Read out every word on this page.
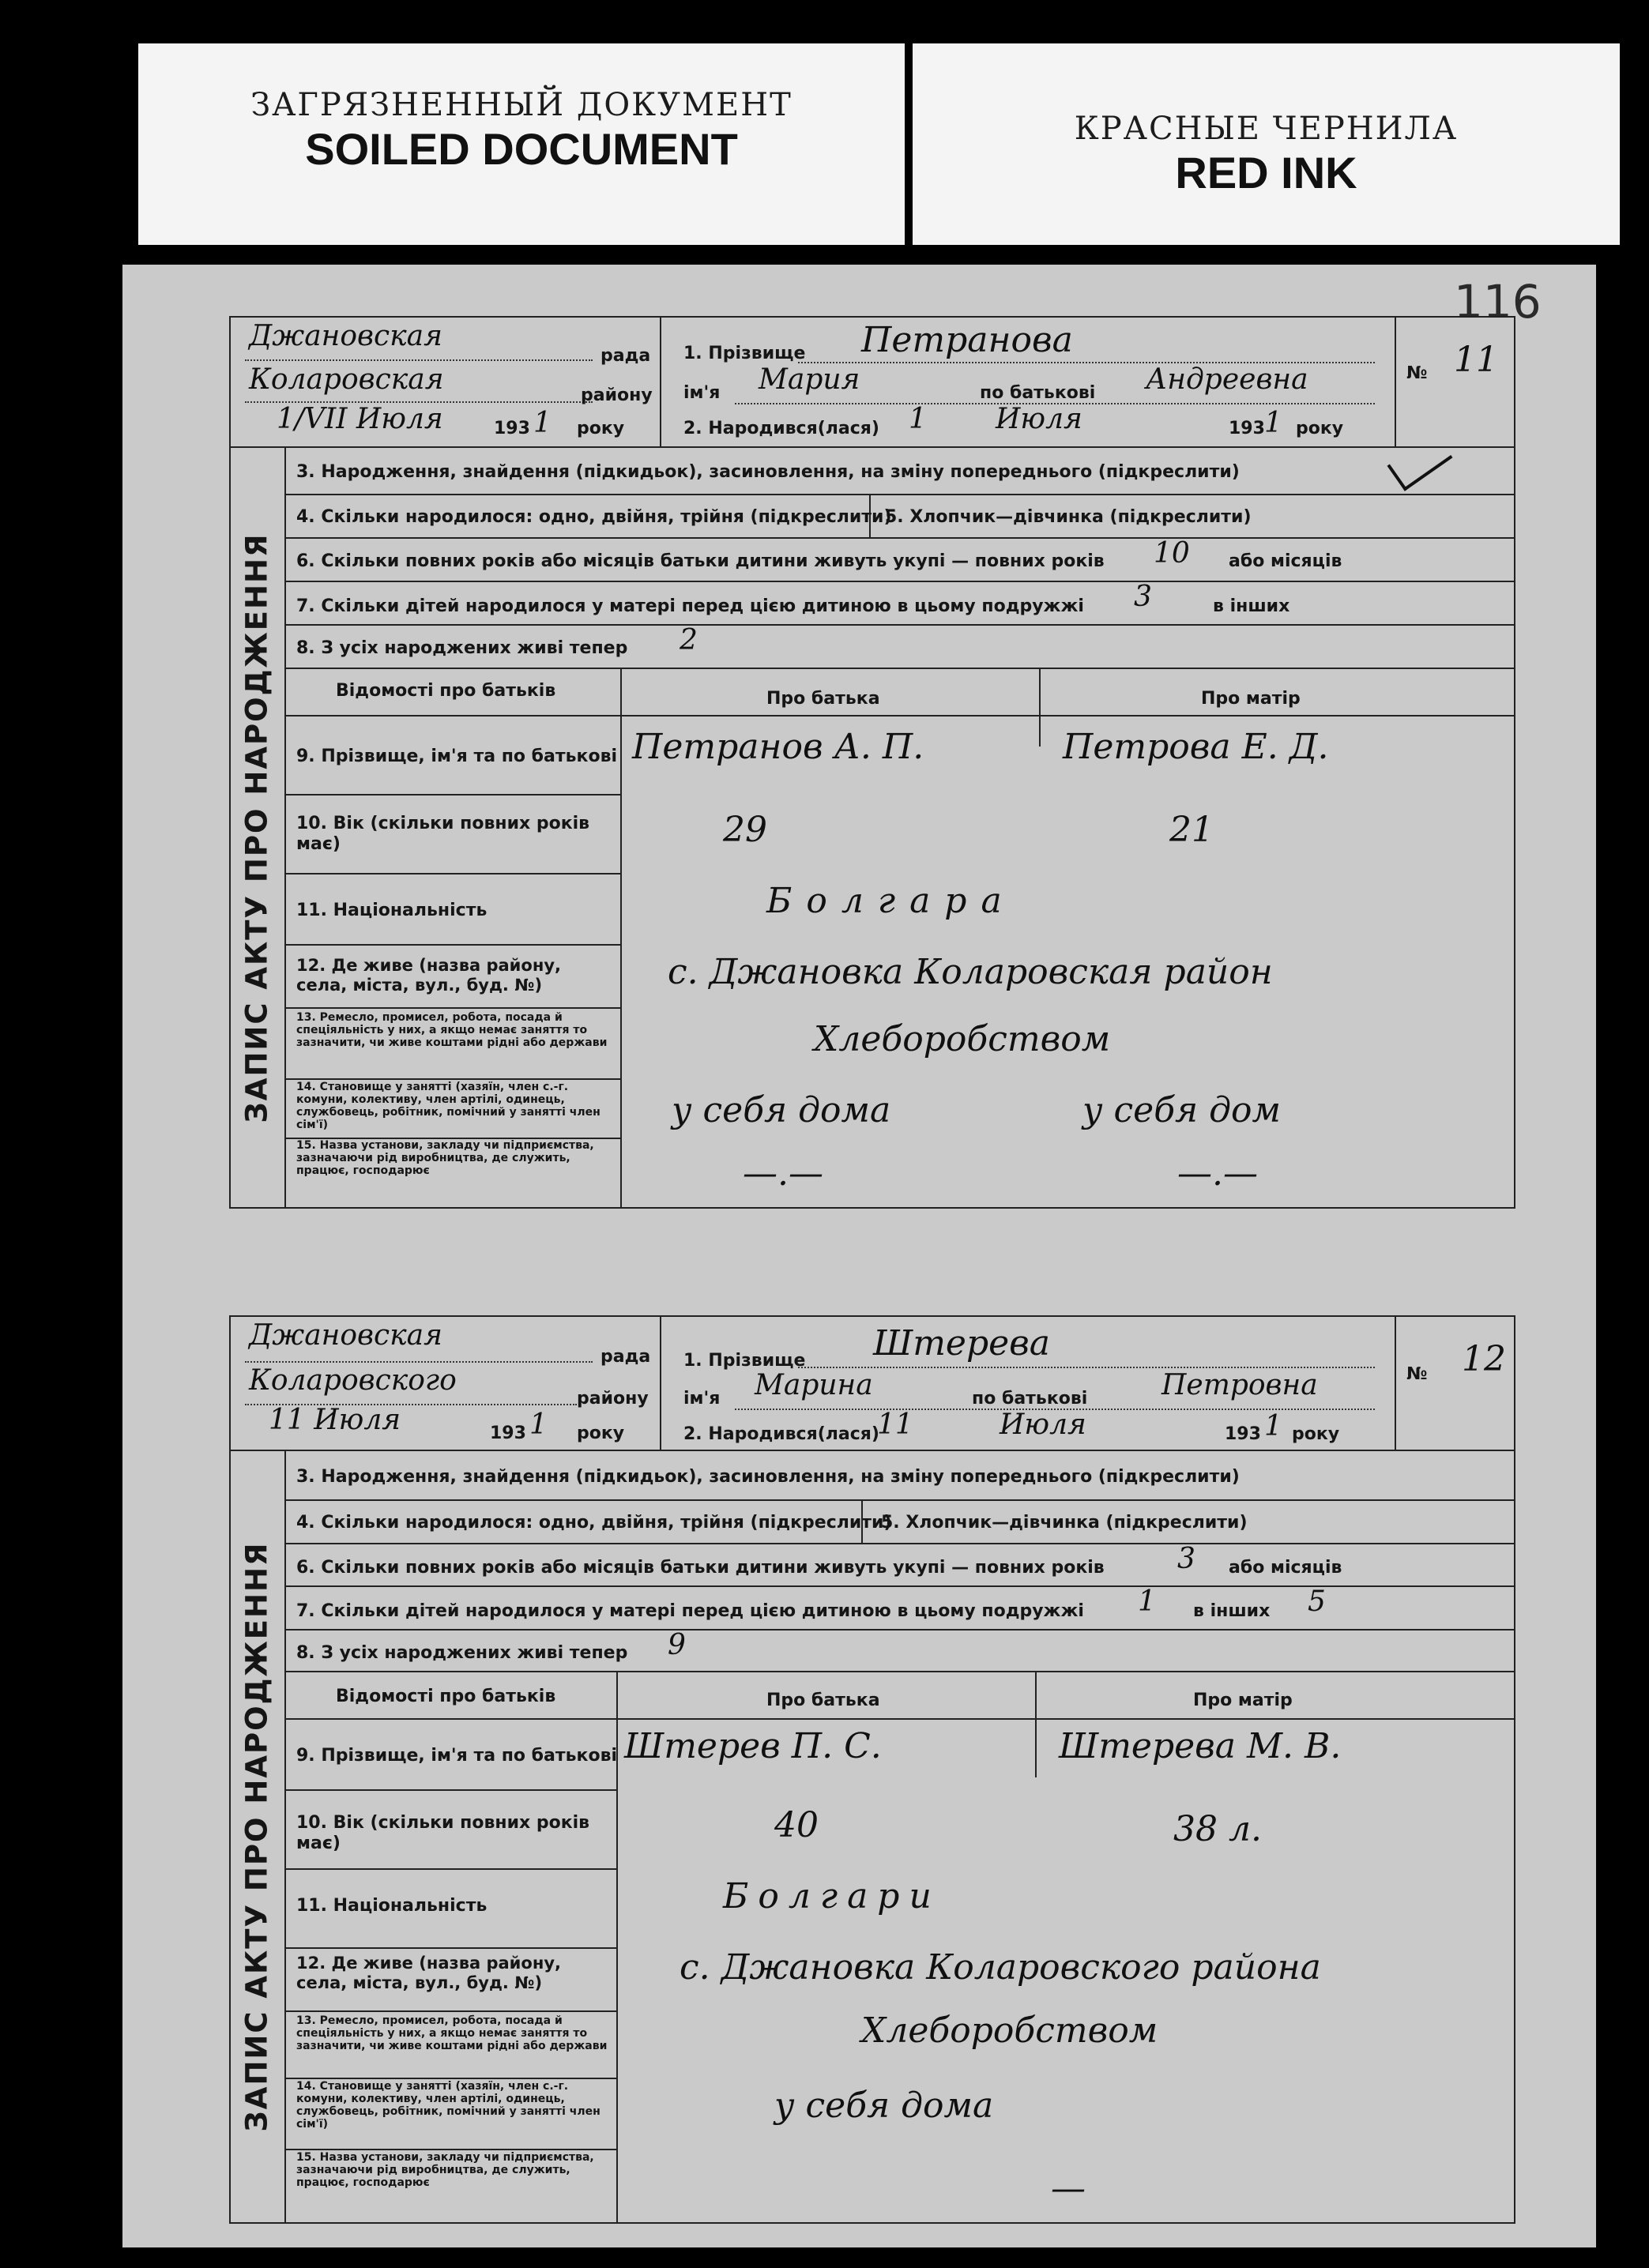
ЗАГРЯЗНЕННЫЙ ДОКУМЕНТ
SOILED DOCUMENT	КРАСНЫЕ ЧЕРНИЛА
RED INK
116
Джановская
рада
Коларовская	району
1/VII Июля	193 1 року
1. Прізвище Петранова
ім'я Мария	по батькові Андреевна
2. Народився(лася) 1 Июля	193 1 року
№ 11
ЗАПИС АКТУ ПРО НАРОДЖЕННЯ
3. Народження, знайдення (підкидьок), засиновлення, на зміну попереднього (підкреслити)
4. Скільки народилося: одно, двійня, трійня (підкреслити)
5. Хлопчик—дівчинка (підкреслити)
6. Скільки повних років або місяців батьки дитини живуть укупі — повних років 10 або місяців
7. Скільки дітей народилося у матері перед цією дитиною в цьому подружжі 3	в інших
8. З усіх народжених живі тепер 2
Відомості про батьків	Про батька	Про матір
9. Прізвище, ім'я та по батькові Петранов А. П.	Петрова Е. Д.
10. Вік (скільки повних років має)	29	21
11. Національність	Болгара
12. Де живе (назва району, села, міста, вул., буд. №)	с. Джановка Коларовская район
13. Ремесло, промисел, робота, посада й спеціяльність у них, а якщо немає заняття то зазначити, чи живе коштами рідні або держави	Хлеборобством
14. Становище у занятті (хазяїн, член с.-г. комуни, колективу, член артілі, одинець, службовець, робітник, помічний у занятті член сім'ї)	у себя дома	у себя дом
15. Назва установи, закладу чи підприємства, зазначаючи рід виробництва, де служить, працює, господарює	—.—	—.—
Джановская
рада
Коларовского
району
11 Июля	193 1 року
1. Прізвище Штерева
ім'я Марина	по батькові	Петровна
2. Народився(лася)
11	Июля	193 1 року
№ 12
ЗАПИС АКТУ ПРО НАРОДЖЕННЯ
3. Народження, знайдення (підкидьок), засиновлення, на зміну попереднього (підкреслити)
4. Скільки народилося: одно, двійня, трійня (підкреслити)
5. Хлопчик—дівчинка (підкреслити)
6. Скільки повних років або місяців батьки дитини живуть укупі — повних років	3 або місяців
7. Скільки дітей народилося у матері перед цією дитиною в цьому подружжі 1 в інших 5
8. З усіх народжених живі тепер 9
Відомості про батьків	Про батька	Про матір
9. Прізвище, ім'я та по батькові Штерев П. С.	Штерева М. В.
10. Вік (скільки повних років має)	40	38 л.
11. Національність	Болгари
12. Де живе (назва району, села, міста, вул., буд. №)	с. Джановка Коларовского района
13. Ремесло, промисел, робота, посада й спеціяльність у них, а якщо немає заняття то зазначити, чи живе коштами рідні або держави	Хлеборобством
14. Становище у занятті (хазяїн, член с.-г. комуни, колективу, член артілі, одинець, службовець, робітник, помічний у занятті член сім'ї)	у себя дома
15. Назва установи, закладу чи підприємства, зазначаючи рід виробництва, де служить, працює, господарює	—
